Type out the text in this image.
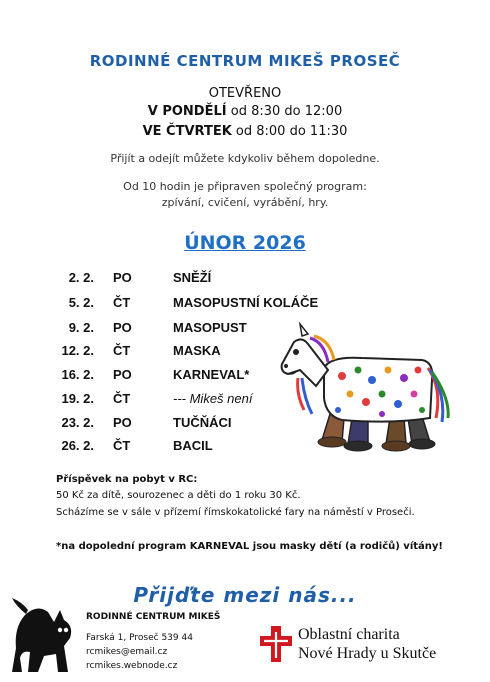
RODINNÉ CENTRUM MIKEŠ PROSEČ
OTEVŘENO
V PONDĚLÍ od 8:30 do 12:00
VE ČTVRTEK od 8:00 do 11:30
Přijít a odejít můžete kdykoliv během dopoledne.
Od 10 hodin je připraven společný program:
zpívání, cvičení, vyrábění, hry.
ÚNOR 2026
2. 2. PO	SNĚŽÍ
5. 2. ČT	MASOPUSTNÍ KOLÁČE
9. 2. PO	MASOPUST
12. 2. ČT	MASKA
16. 2. PO	KARNEVAL*
19. 2. ČT	--- Mikeš není
23. 2. PO	TUČŇÁCI
26. 2. ČT	BACIL
Příspěvek na pobyt v RC:
50 Kč za dítě, sourozenec a děti do 1 roku 30 Kč.
Scházíme se v sále v přízemí římskokatolické fary na náměstí v Proseči.
*na dopolední program KARNEVAL jsou masky dětí (a rodičů) vítány!
Přijďte mezi nás...
RODINNÉ CENTRUM MIKEŠ
Farská 1, Proseč 539 44
rcmikes@email.cz
rcmikes.webnode.cz
Oblastní charita
Nové Hrady u Skutče
